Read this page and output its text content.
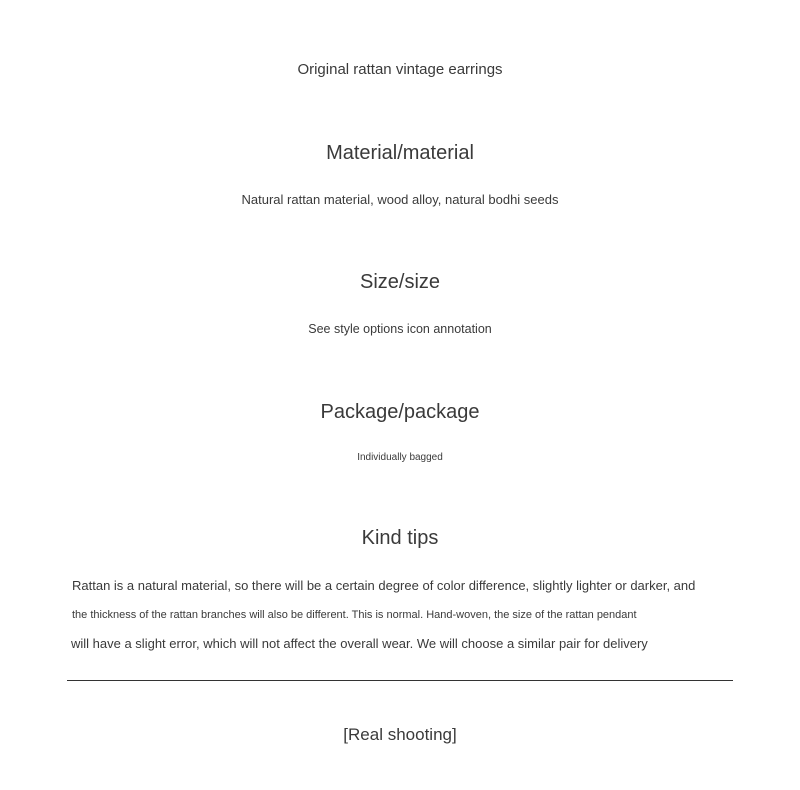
Original rattan vintage earrings
Material/material
Natural rattan material, wood alloy, natural bodhi seeds
Size/size
See style options icon annotation
Package/package
Individually bagged
Kind tips
Rattan is a natural material, so there will be a certain degree of color difference, slightly lighter or darker, and
the thickness of the rattan branches will also be different. This is normal. Hand-woven, the size of the rattan pendant
will have a slight error, which will not affect the overall wear. We will choose a similar pair for delivery
[Real shooting]
